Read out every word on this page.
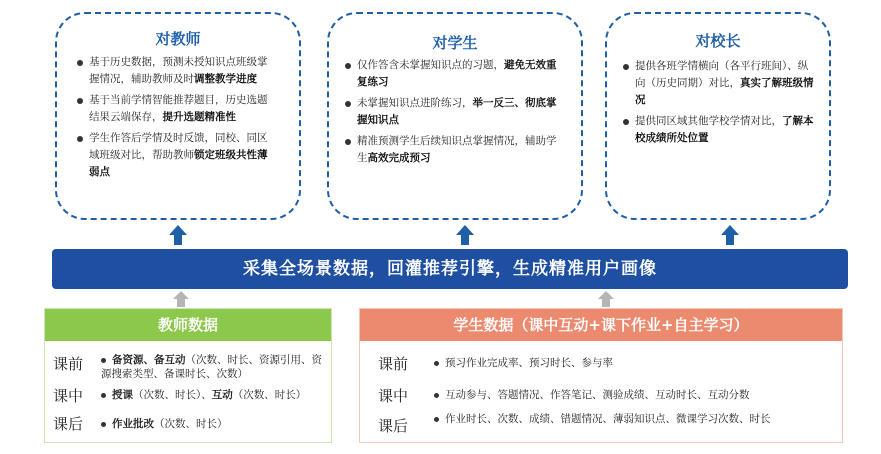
对教师
基于历史数据，预测未授知识点班级掌握情况，辅助教师及时调整教学进度
基于当前学情智能推荐题目，历史选题结果云端保存，提升选题精准性
学生作答后学情及时反馈，同校、同区域班级对比，帮助教师锁定班级共性薄弱点
对学生
仅作答含未掌握知识点的习题，避免无效重复练习
未掌握知识点进阶练习，举一反三、彻底掌握知识点
精准预测学生后续知识点掌握情况，辅助学生高效完成预习
对校长
提供各班学情横向（各平行班间）、纵向（历史同期）对比，真实了解班级情况
提供同区域其他学校学情对比，了解本校成绩所处位置
采集全场景数据，回灌推荐引擎，生成精准用户画像
教师数据
课前	备资源、备互动（次数、时长、资源引用、资源搜索类型、备课时长、次数）
课中	授课（次数、时长）、互动（次数、时长）
课后	作业批改（次数、时长）
学生数据（课中互动+课下作业+自主学习）
课前	预习作业完成率、预习时长、参与率
课中	互动参与、答题情况、作答笔记、测验成绩、互动时长、互动分数
课后	作业时长、次数、成绩、错题情况、薄弱知识点、微课学习次数、时长
